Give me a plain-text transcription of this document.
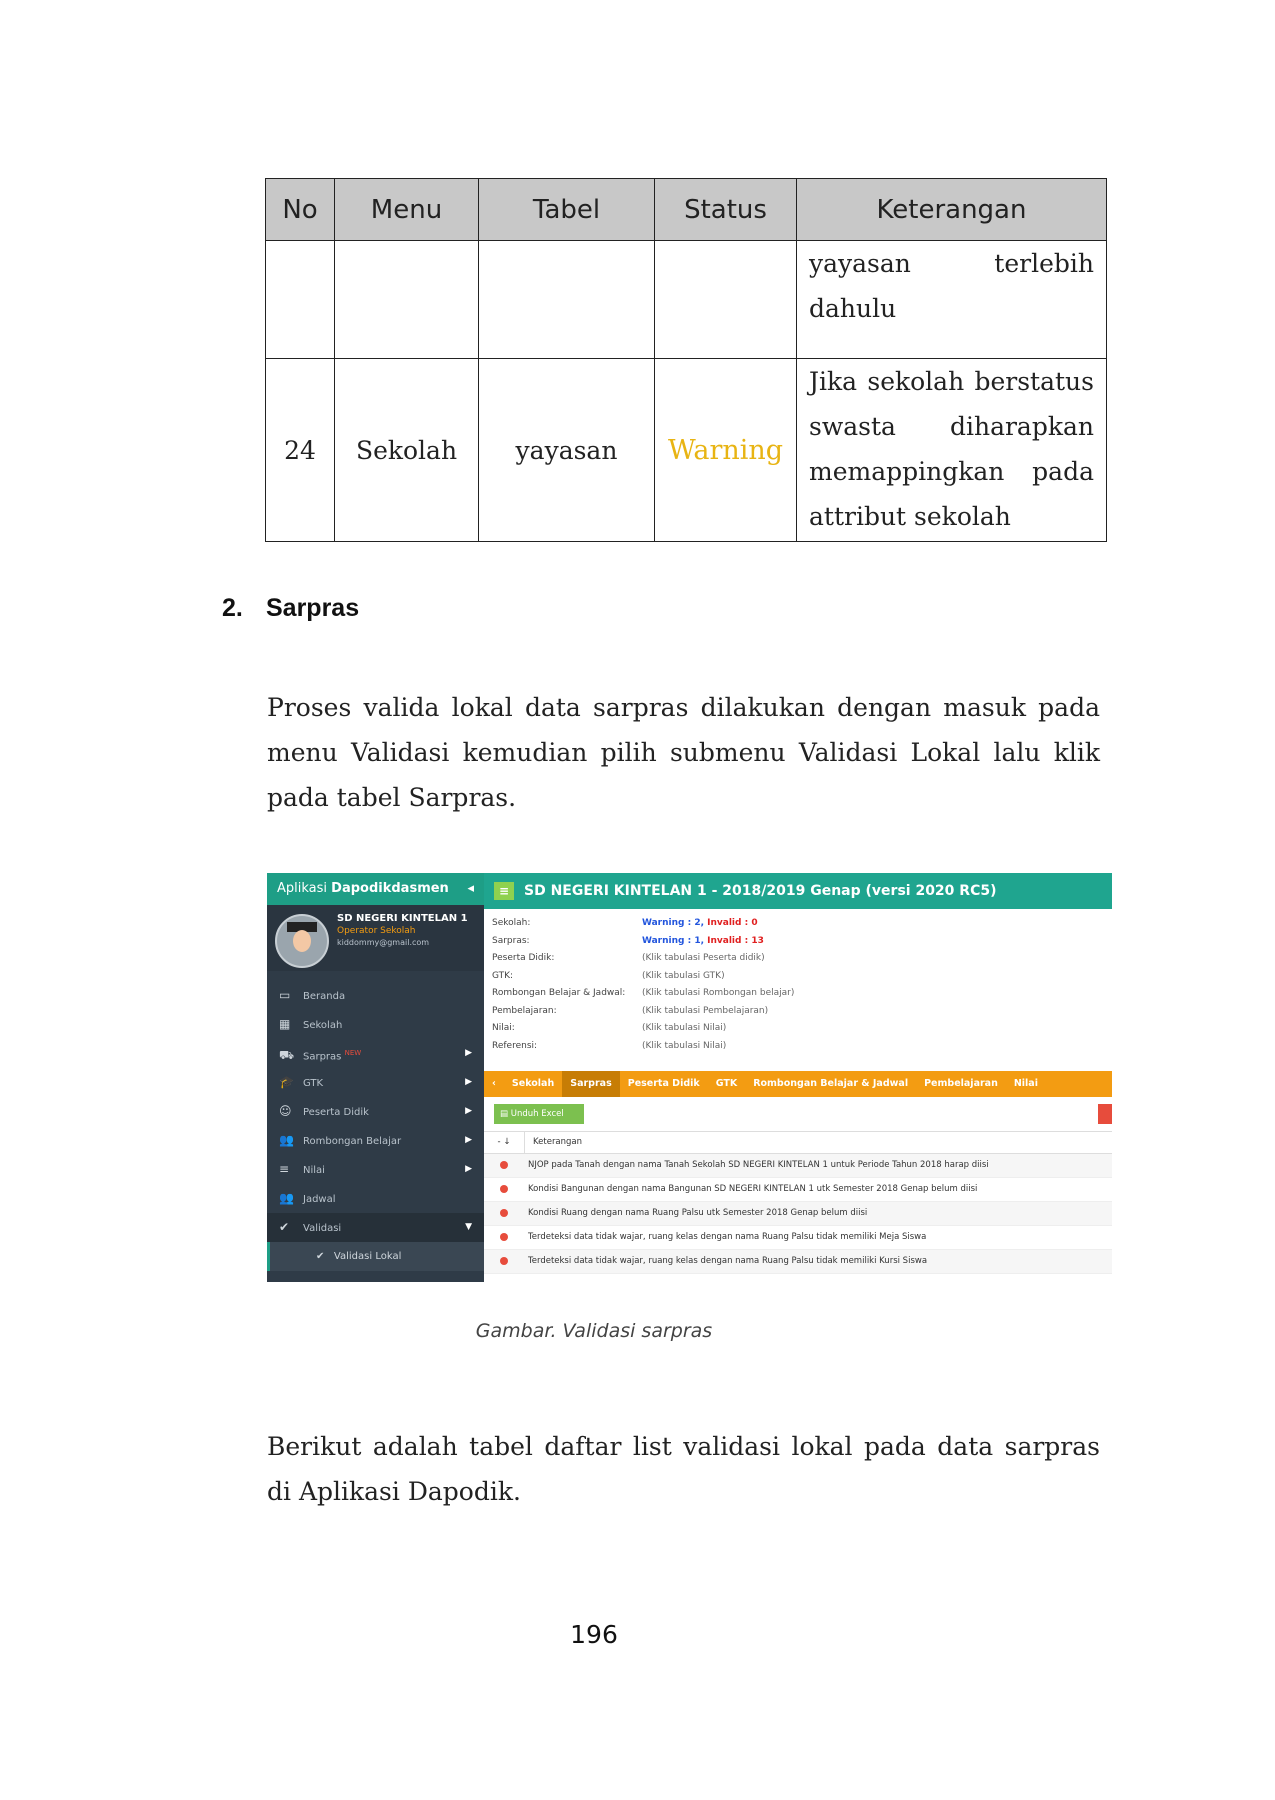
No	Menu	Tabel	Status	Keterangan
				yayasan terlebih dahulu
24	Sekolah	yayasan	Warning	Jika sekolah berstatus swasta diharapkan memappingkan pada attribut sekolah
2. Sarpras
Proses valida lokal data sarpras dilakukan dengan masuk pada menu Validasi kemudian pilih submenu Validasi Lokal lalu klik pada tabel Sarpras.
Aplikasi Dapodikdasmen ◂
SD NEGERI KINTELAN 1
Operator Sekolah
kiddommy@gmail.com
▭ Beranda
▦ Sekolah
⛟ Sarpras $^{NEW}$	▶
🎓 GTK	▶
☺ Peserta Didik	▶
👥 Rombongan Belajar	▶
≡ Nilai	▶
👥 Jadwal
✔ Validasi	▼
✔   Validasi Lokal
≡	SD NEGERI KINTELAN 1 - 2018/2019 Genap (versi 2020 RC5)
Sekolah:	Warning : 2, Invalid : 0
Sarpras:	Warning : 1, Invalid : 13
Peserta Didik:	(Klik tabulasi Peserta didik)
GTK:	(Klik tabulasi GTK)
Rombongan Belajar & Jadwal: (Klik tabulasi Rombongan belajar)
Pembelajaran:	(Klik tabulasi Pembelajaran)
Nilai:	(Klik tabulasi Nilai)
Referensi:	(Klik tabulasi Nilai)
‹ Sekolah Sarpras Peserta Didik GTK Rombongan Belajar & Jadwal Pembelajaran Nilai
▤ Unduh Excel
- ↓	Keterangan
NJOP pada Tanah dengan nama Tanah Sekolah SD NEGERI KINTELAN 1 untuk Periode Tahun 2018 harap diisi
Kondisi Bangunan dengan nama Bangunan SD NEGERI KINTELAN 1 utk Semester 2018 Genap belum diisi
Kondisi Ruang dengan nama Ruang Palsu utk Semester 2018 Genap belum diisi
Terdeteksi data tidak wajar, ruang kelas dengan nama Ruang Palsu tidak memiliki Meja Siswa
Terdeteksi data tidak wajar, ruang kelas dengan nama Ruang Palsu tidak memiliki Kursi Siswa
Gambar. Validasi sarpras
Berikut adalah tabel daftar list validasi lokal pada data sarpras di Aplikasi Dapodik.
196
